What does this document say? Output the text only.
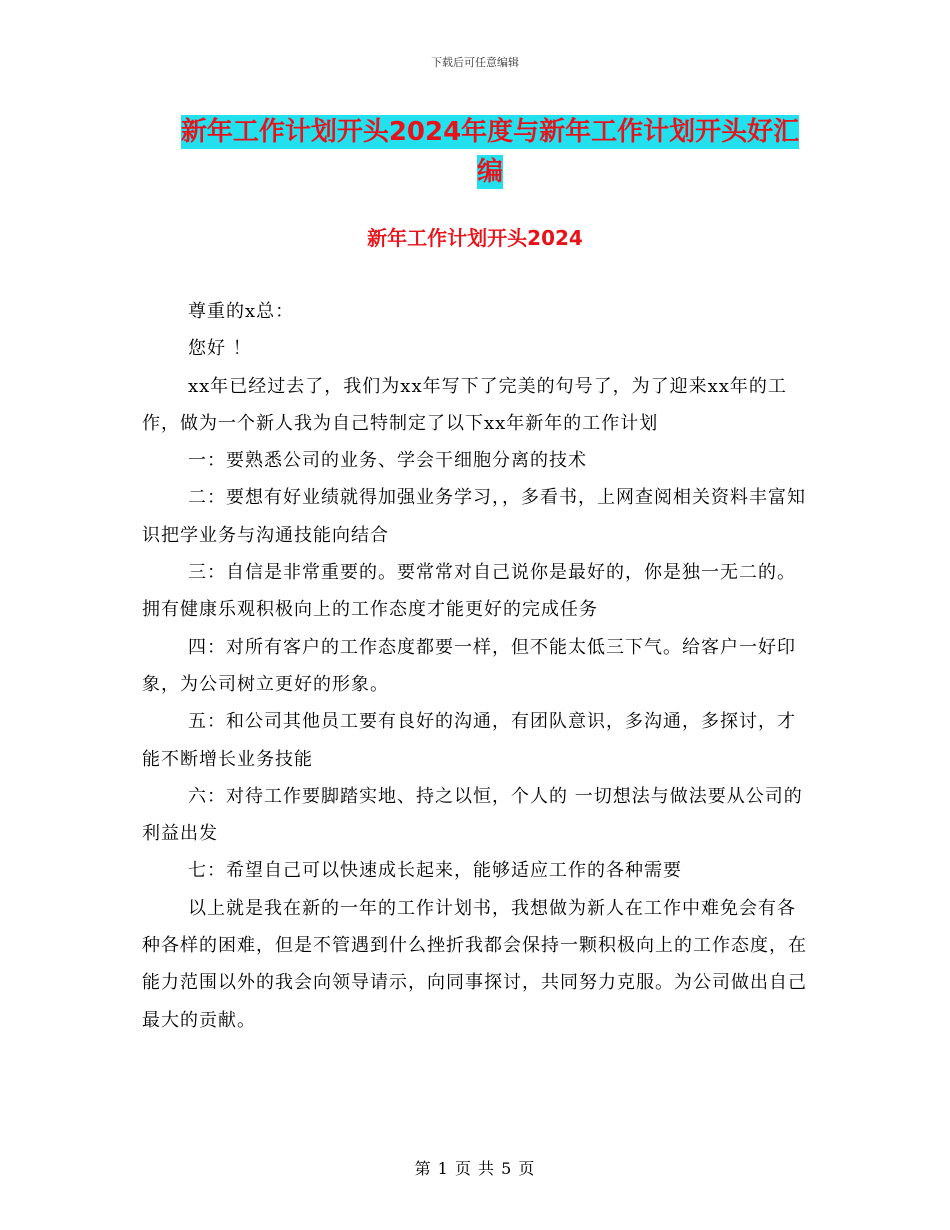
下载后可任意编辑
新年工作计划开头2024年度与新年工作计划开头好汇
编
新年工作计划开头2024

尊重的x总：

您好 ！

xx年已经过去了，我们为xx年写下了完美的句号了，为了迎来xx年的工作，做为一个新人我为自己特制定了以下xx年新年的工作计划

一：要熟悉公司的业务、学会干细胞分离的技术

二：要想有好业绩就得加强业务学习，，多看书，上网查阅相关资料丰富知识把学业务与沟通技能向结合

三：自信是非常重要的。要常常对自己说你是最好的，你是独一无二的。拥有健康乐观积极向上的工作态度才能更好的完成任务

四：对所有客户的工作态度都要一样，但不能太低三下气。给客户一好印象，为公司树立更好的形象。

五：和公司其他员工要有良好的沟通，有团队意识，多沟通，多探讨，才能不断增长业务技能

六：对待工作要脚踏实地、持之以恒，个人的 一切想法与做法要从公司的利益出发

七：希望自己可以快速成长起来，能够适应工作的各种需要

以上就是我在新的一年的工作计划书，我想做为新人在工作中难免会有各种各样的困难，但是不管遇到什么挫折我都会保持一颗积极向上的工作态度，在能力范围以外的我会向领导请示，向同事探讨，共同努力克服。为公司做出自己最大的贡献。

第 1 页 共 5 页
